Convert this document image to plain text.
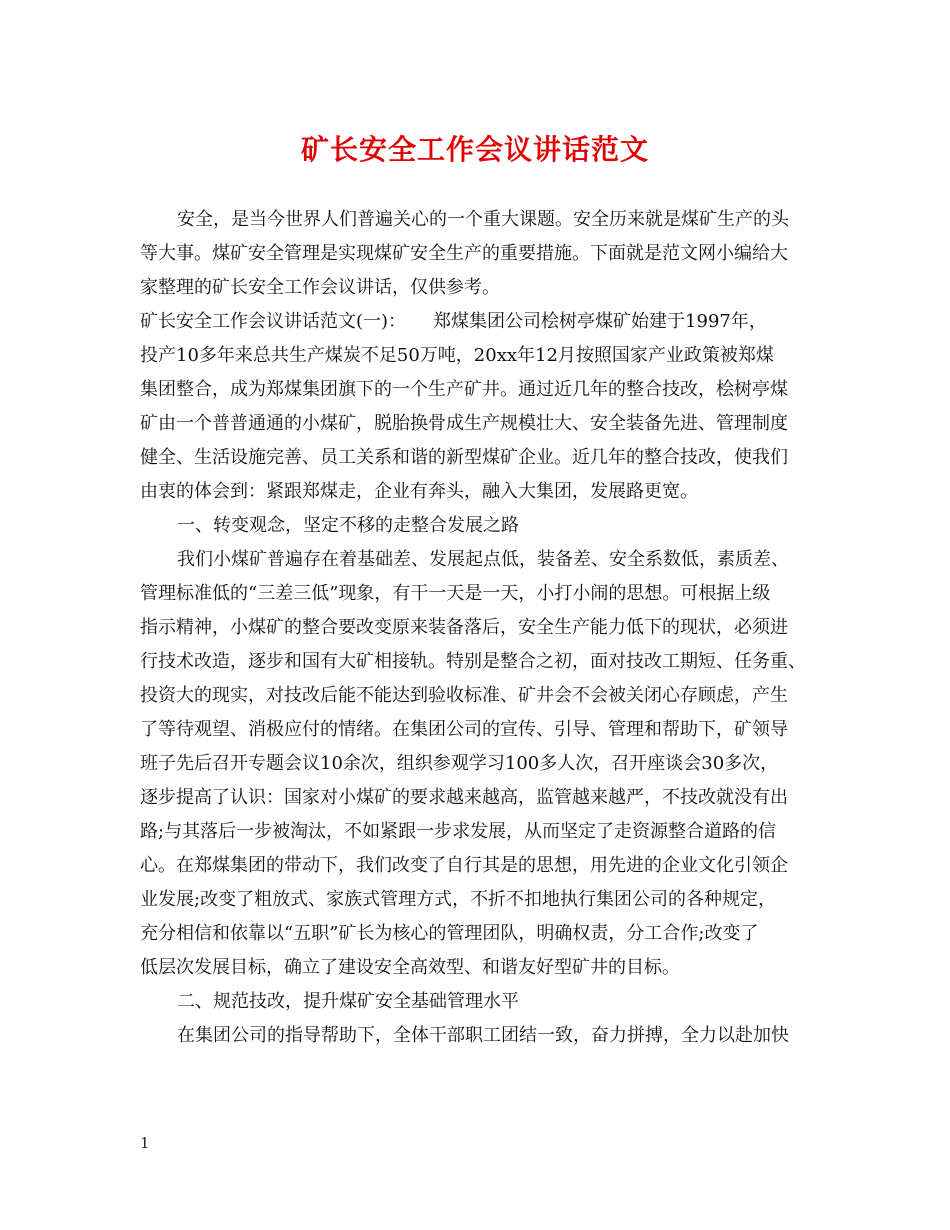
矿长安全工作会议讲话范文

安全，是当今世界人们普遍关心的一个重大课题。安全历来就是煤矿生产的头

等大事。煤矿安全管理是实现煤矿安全生产的重要措施。下面就是范文网小编给大

家整理的矿长安全工作会议讲话，仅供参考。

矿长安全工作会议讲话范文(一)：　　郑煤集团公司桧树亭煤矿始建于1997年，

投产10多年来总共生产煤炭不足50万吨，20xx年12月按照国家产业政策被郑煤

集团整合，成为郑煤集团旗下的一个生产矿井。通过近几年的整合技改，桧树亭煤

矿由一个普普通通的小煤矿，脱胎换骨成生产规模壮大、安全装备先进、管理制度

健全、生活设施完善、员工关系和谐的新型煤矿企业。近几年的整合技改，使我们

由衷的体会到：紧跟郑煤走，企业有奔头，融入大集团，发展路更宽。

一、转变观念，坚定不移的走整合发展之路

我们小煤矿普遍存在着基础差、发展起点低，装备差、安全系数低，素质差、

管理标准低的“三差三低”现象，有干一天是一天，小打小闹的思想。可根据上级

指示精神，小煤矿的整合要改变原来装备落后，安全生产能力低下的现状，必须进

行技术改造，逐步和国有大矿相接轨。特别是整合之初，面对技改工期短、任务重、

投资大的现实，对技改后能不能达到验收标准、矿井会不会被关闭心存顾虑，产生

了等待观望、消极应付的情绪。在集团公司的宣传、引导、管理和帮助下，矿领导

班子先后召开专题会议10余次，组织参观学习100多人次，召开座谈会30多次，

逐步提高了认识：国家对小煤矿的要求越来越高，监管越来越严，不技改就没有出

路;与其落后一步被淘汰，不如紧跟一步求发展，从而坚定了走资源整合道路的信

心。在郑煤集团的带动下，我们改变了自行其是的思想，用先进的企业文化引领企

业发展;改变了粗放式、家族式管理方式，不折不扣地执行集团公司的各种规定，

充分相信和依靠以“五职”矿长为核心的管理团队，明确权责，分工合作;改变了

低层次发展目标，确立了建设安全高效型、和谐友好型矿井的目标。

二、规范技改，提升煤矿安全基础管理水平

在集团公司的指导帮助下，全体干部职工团结一致，奋力拼搏，全力以赴加快

1
